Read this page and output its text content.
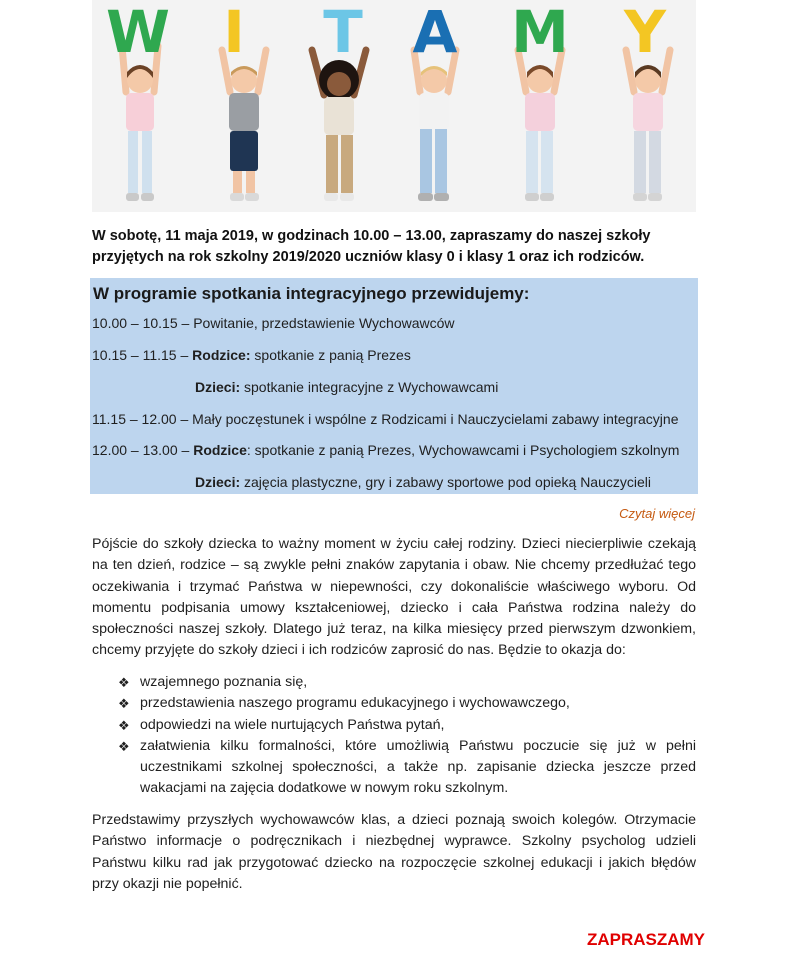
W I T A M Y
W sobotę, 11 maja 2019, w godzinach 10.00 – 13.00, zapraszamy do naszej szkoły przyjętych na rok szkolny 2019/2020 uczniów klasy 0 i klasy 1 oraz ich rodziców.
W programie spotkania integracyjnego przewidujemy:
10.00 – 10.15 – Powitanie, przedstawienie Wychowawców
10.15 – 11.15 – Rodzice: spotkanie z panią Prezes
Dzieci: spotkanie integracyjne z Wychowawcami
11.15 – 12.00 – Mały poczęstunek i wspólne z Rodzicami i Nauczycielami zabawy integracyjne
12.00 – 13.00 – Rodzice: spotkanie z panią Prezes, Wychowawcami i Psychologiem szkolnym
Dzieci: zajęcia plastyczne, gry i zabawy sportowe pod opieką Nauczycieli
Czytaj więcej
Pójście do szkoły dziecka to ważny moment w życiu całej rodziny. Dzieci niecierpliwie czekają na ten dzień, rodzice – są zwykle pełni znaków zapytania i obaw. Nie chcemy przedłużać tego oczekiwania i trzymać Państwa w niepewności, czy dokonaliście właściwego wyboru. Od momentu podpisania umowy kształceniowej, dziecko i cała Państwa rodzina należy do społeczności naszej szkoły. Dlatego już teraz, na kilka miesięcy przed pierwszym dzwonkiem, chcemy przyjęte do szkoły dzieci i ich rodziców zaprosić do nas. Będzie to okazja do:
❖ wzajemnego poznania się,
❖ przedstawienia naszego programu edukacyjnego i wychowawczego,
❖ odpowiedzi na wiele nurtujących Państwa pytań,
❖ załatwienia kilku formalności, które umożliwią Państwu poczucie się już w pełni uczestnikami szkolnej społeczności, a także np. zapisanie dziecka jeszcze przed wakacjami na zajęcia dodatkowe w nowym roku szkolnym.
Przedstawimy przyszłych wychowawców klas, a dzieci poznają swoich kolegów. Otrzymacie Państwo informacje o podręcznikach i niezbędnej wyprawce. Szkolny psycholog udzieli Państwu kilku rad jak przygotować dziecko na rozpoczęcie szkolnej edukacji i jakich błędów przy okazji nie popełnić.
ZAPRASZAMY
